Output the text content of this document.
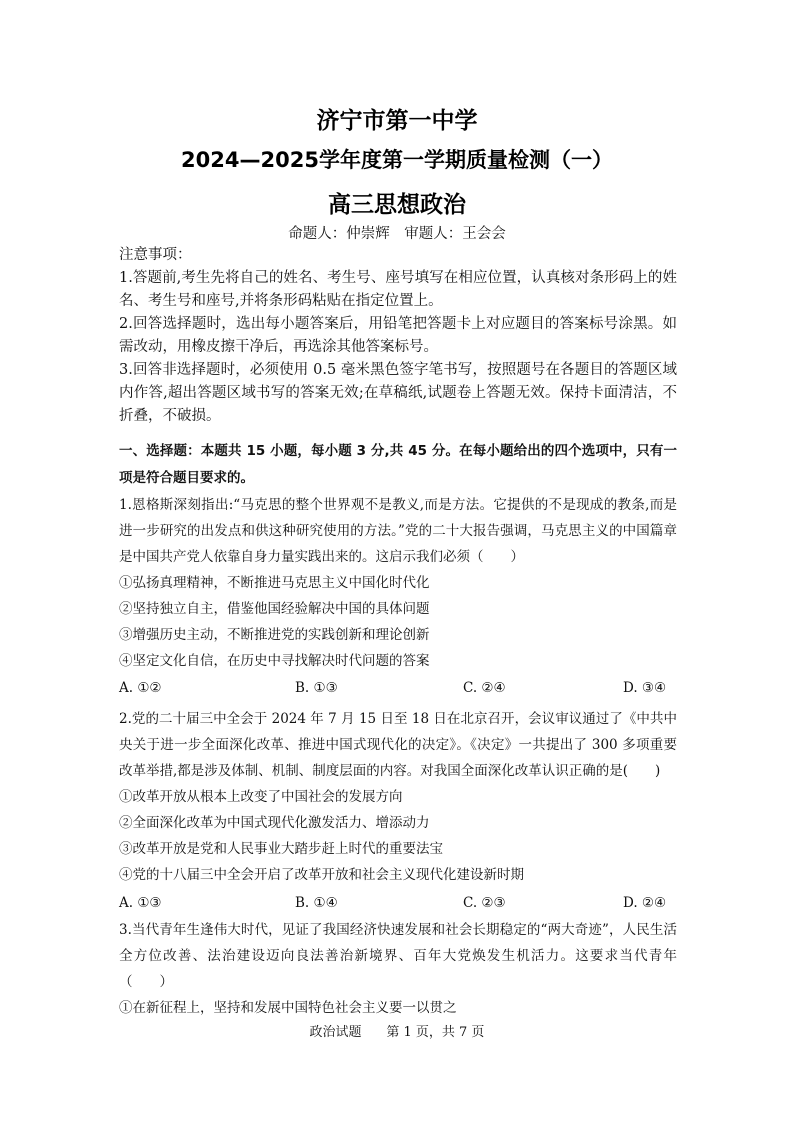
济宁市第一中学
2024—2025学年度第一学期质量检测（一）
高三思想政治
命题人：仲崇辉　审题人：王会会

注意事项：

1.答题前,考生先将自己的姓名、考生号、座号填写在相应位置，认真核对条形码上的姓名、考生号和座号,并将条形码粘贴在指定位置上。

2.回答选择题时，选出每小题答案后，用铅笔把答题卡上对应题目的答案标号涂黑。如需改动，用橡皮擦干净后，再选涂其他答案标号。

3.回答非选择题时，必须使用 0.5 毫米黑色签字笔书写，按照题号在各题目的答题区域内作答,超出答题区域书写的答案无效;在草稿纸,试题卷上答题无效。保持卡面清洁，不折叠，不破损。

一、选择题：本题共 15 小题，每小题 3 分,共 45 分。在每小题给出的四个选项中，只有一项是符合题目要求的。

1.恩格斯深刻指出:“马克思的整个世界观不是教义,而是方法。它提供的不是现成的教条,而是进一步研究的出发点和供这种研究使用的方法。”党的二十大报告强调，马克思主义的中国篇章是中国共产党人依靠自身力量实践出来的。这启示我们必须（　　）

①弘扬真理精神，不断推进马克思主义中国化时代化

②坚持独立自主，借鉴他国经验解决中国的具体问题

③增强历史主动，不断推进党的实践创新和理论创新

④坚定文化自信，在历史中寻找解决时代问题的答案

A. ①②	B. ①③	C. ②④	D. ③④

2.党的二十届三中全会于 2024 年 7 月 15 日至 18 日在北京召开，会议审议通过了《中共中央关于进一步全面深化改革、推进中国式现代化的决定》。《决定》一共提出了 300 多项重要改革举措,都是涉及体制、机制、制度层面的内容。对我国全面深化改革认识正确的是(　　)

①改革开放从根本上改变了中国社会的发展方向

②全面深化改革为中国式现代化激发活力、增添动力

③改革开放是党和人民事业大踏步赶上时代的重要法宝

④党的十八届三中全会开启了改革开放和社会主义现代化建设新时期

A. ①③	B. ①④	C. ②③	D. ②④

3.当代青年生逢伟大时代，见证了我国经济快速发展和社会长期稳定的“两大奇迹”，人民生活全方位改善、法治建设迈向良法善治新境界、百年大党焕发生机活力。这要求当代青年（　　）

①在新征程上，坚持和发展中国特色社会主义要一以贯之

政治试题 第 1 页，共 7 页
